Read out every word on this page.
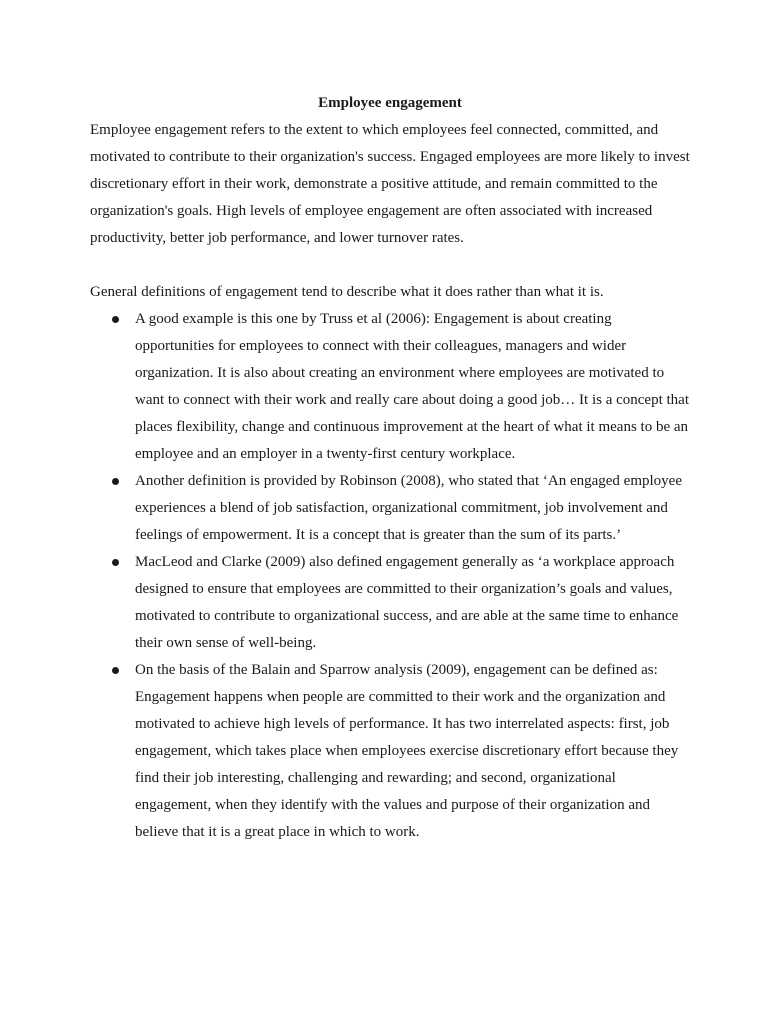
Employee engagement

Employee engagement refers to the extent to which employees feel connected, committed, and motivated to contribute to their organization's success. Engaged employees are more likely to invest discretionary effort in their work, demonstrate a positive attitude, and remain committed to the organization's goals. High levels of employee engagement are often associated with increased productivity, better job performance, and lower turnover rates.

General definitions of engagement tend to describe what it does rather than what it is.

A good example is this one by Truss et al (2006): Engagement is about creating opportunities for employees to connect with their colleagues, managers and wider organization. It is also about creating an environment where employees are motivated to want to connect with their work and really care about doing a good job… It is a concept that places flexibility, change and continuous improvement at the heart of what it means to be an employee and an employer in a twenty-first century workplace.
Another definition is provided by Robinson (2008), who stated that ‘An engaged employee experiences a blend of job satisfaction, organizational commitment, job involvement and feelings of empowerment. It is a concept that is greater than the sum of its parts.’
MacLeod and Clarke (2009) also defined engagement generally as ‘a workplace approach designed to ensure that employees are committed to their organization’s goals and values, motivated to contribute to organizational success, and are able at the same time to enhance their own sense of well-being.
On the basis of the Balain and Sparrow analysis (2009), engagement can be defined as: Engagement happens when people are committed to their work and the organization and motivated to achieve high levels of performance. It has two interrelated aspects: first, job engagement, which takes place when employees exercise discretionary effort because they find their job interesting, challenging and rewarding; and second, organizational engagement, when they identify with the values and purpose of their organization and believe that it is a great place in which to work.
